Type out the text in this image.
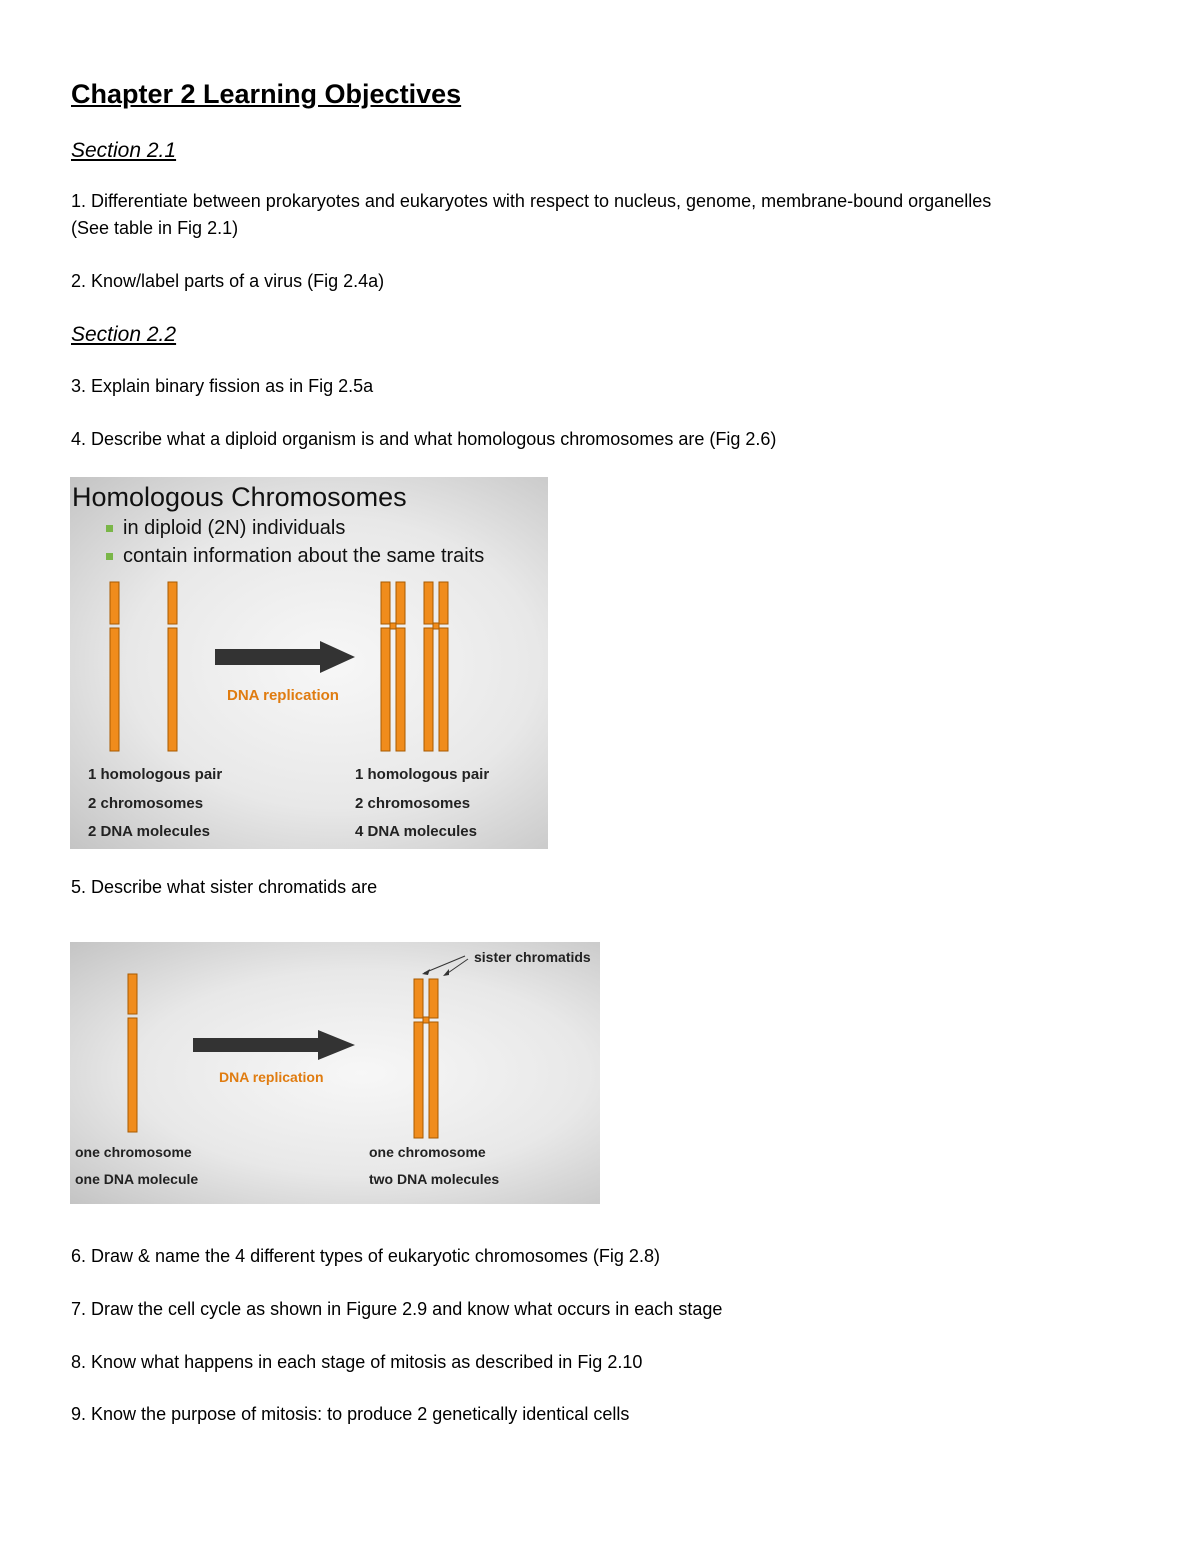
Chapter 2 Learning Objectives
Section 2.1
1. Differentiate between prokaryotes and eukaryotes with respect to nucleus, genome, membrane-bound organelles
(See table in Fig 2.1)
2. Know/label parts of a virus (Fig 2.4a)
Section 2.2
3. Explain binary fission as in Fig 2.5a
4. Describe what a diploid organism is and what homologous chromosomes are (Fig 2.6)
Homologous Chromosomes
in diploid (2N) individuals
contain information about the same traits
DNA replication
1 homologous pair
2 chromosomes
2 DNA molecules
1 homologous pair
2 chromosomes
4 DNA molecules
5. Describe what sister chromatids are
sister chromatids
DNA replication
one chromosome
one DNA molecule
one chromosome
two DNA molecules
6. Draw & name the 4 different types of eukaryotic chromosomes (Fig 2.8)
7. Draw the cell cycle as shown in Figure 2.9 and know what occurs in each stage
8. Know what happens in each stage of mitosis as described in Fig 2.10
9. Know the purpose of mitosis: to produce 2 genetically identical cells
